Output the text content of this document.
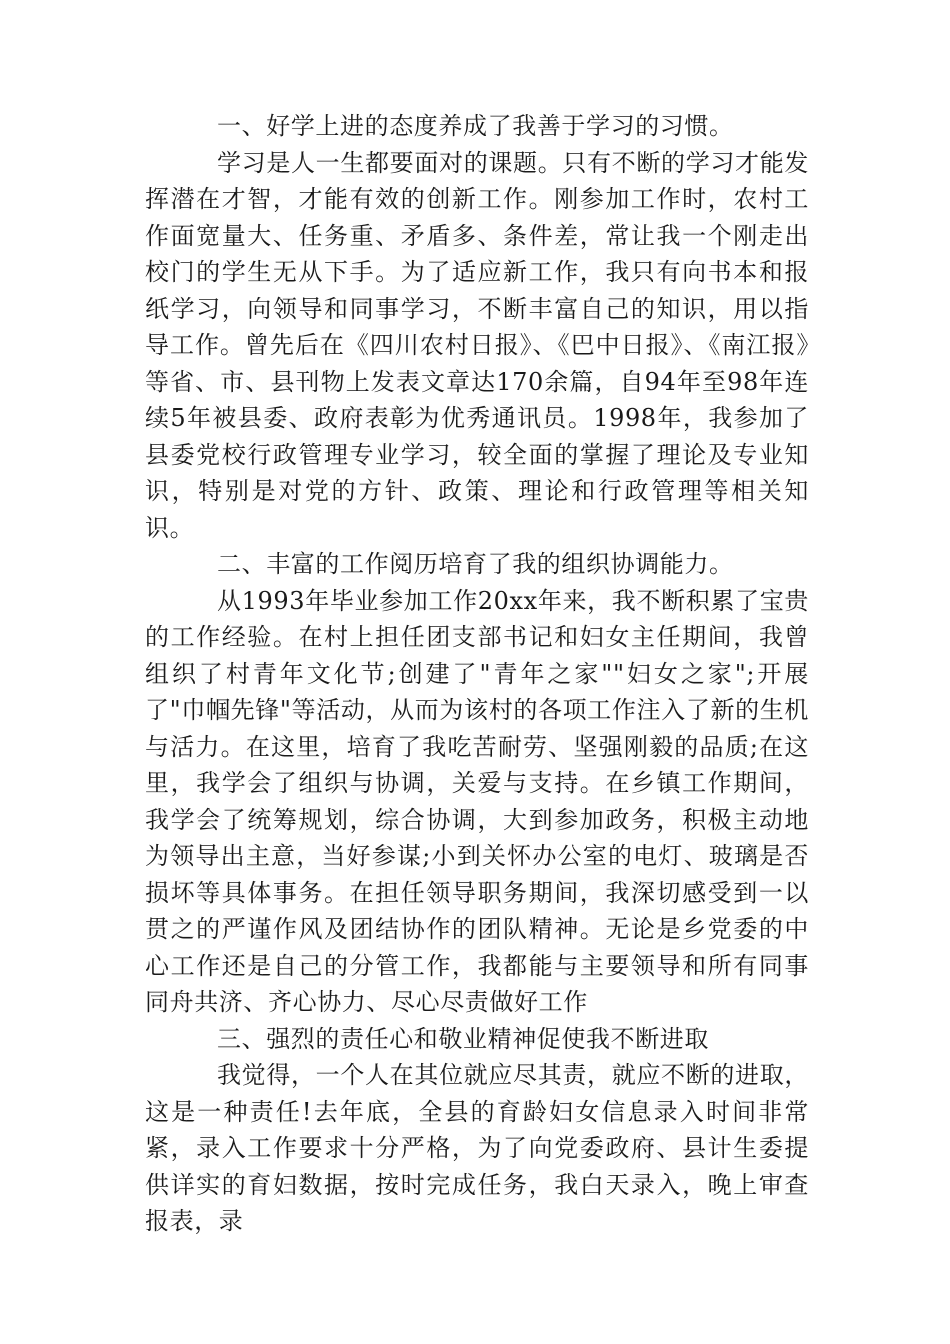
一、好学上进的态度养成了我善于学习的习惯。

学习是人一生都要面对的课题。只有不断的学习才能发挥潜在才智，才能有效的创新工作。刚参加工作时，农村工作面宽量大、任务重、矛盾多、条件差，常让我一个刚走出校门的学生无从下手。为了适应新工作，我只有向书本和报纸学习，向领导和同事学习，不断丰富自己的知识，用以指导工作。曾先后在《四川农村日报》、《巴中日报》、《南江报》等省、市、县刊物上发表文章达170余篇，自94年至98年连续5年被县委、政府表彰为优秀通讯员。1998年，我参加了县委党校行政管理专业学习，较全面的掌握了理论及专业知识，特别是对党的方针、政策、理论和行政管理等相关知识。

二、丰富的工作阅历培育了我的组织协调能力。

从1993年毕业参加工作20xx年来，我不断积累了宝贵的工作经验。在村上担任团支部书记和妇女主任期间，我曾组织了村青年文化节;创建了"青年之家""妇女之家";开展了"巾帼先锋"等活动，从而为该村的各项工作注入了新的生机与活力。在这里，培育了我吃苦耐劳、坚强刚毅的品质;在这里，我学会了组织与协调，关爱与支持。在乡镇工作期间，我学会了统筹规划，综合协调，大到参加政务，积极主动地为领导出主意，当好参谋;小到关怀办公室的电灯、玻璃是否损坏等具体事务。在担任领导职务期间，我深切感受到一以贯之的严谨作风及团结协作的团队精神。无论是乡党委的中心工作还是自己的分管工作，我都能与主要领导和所有同事同舟共济、齐心协力、尽心尽责做好工作

三、强烈的责任心和敬业精神促使我不断进取

我觉得，一个人在其位就应尽其责，就应不断的进取，这是一种责任!去年底，全县的育龄妇女信息录入时间非常紧，录入工作要求十分严格，为了向党委政府、县计生委提供详实的育妇数据，按时完成任务，我白天录入，晚上审查报表，录
